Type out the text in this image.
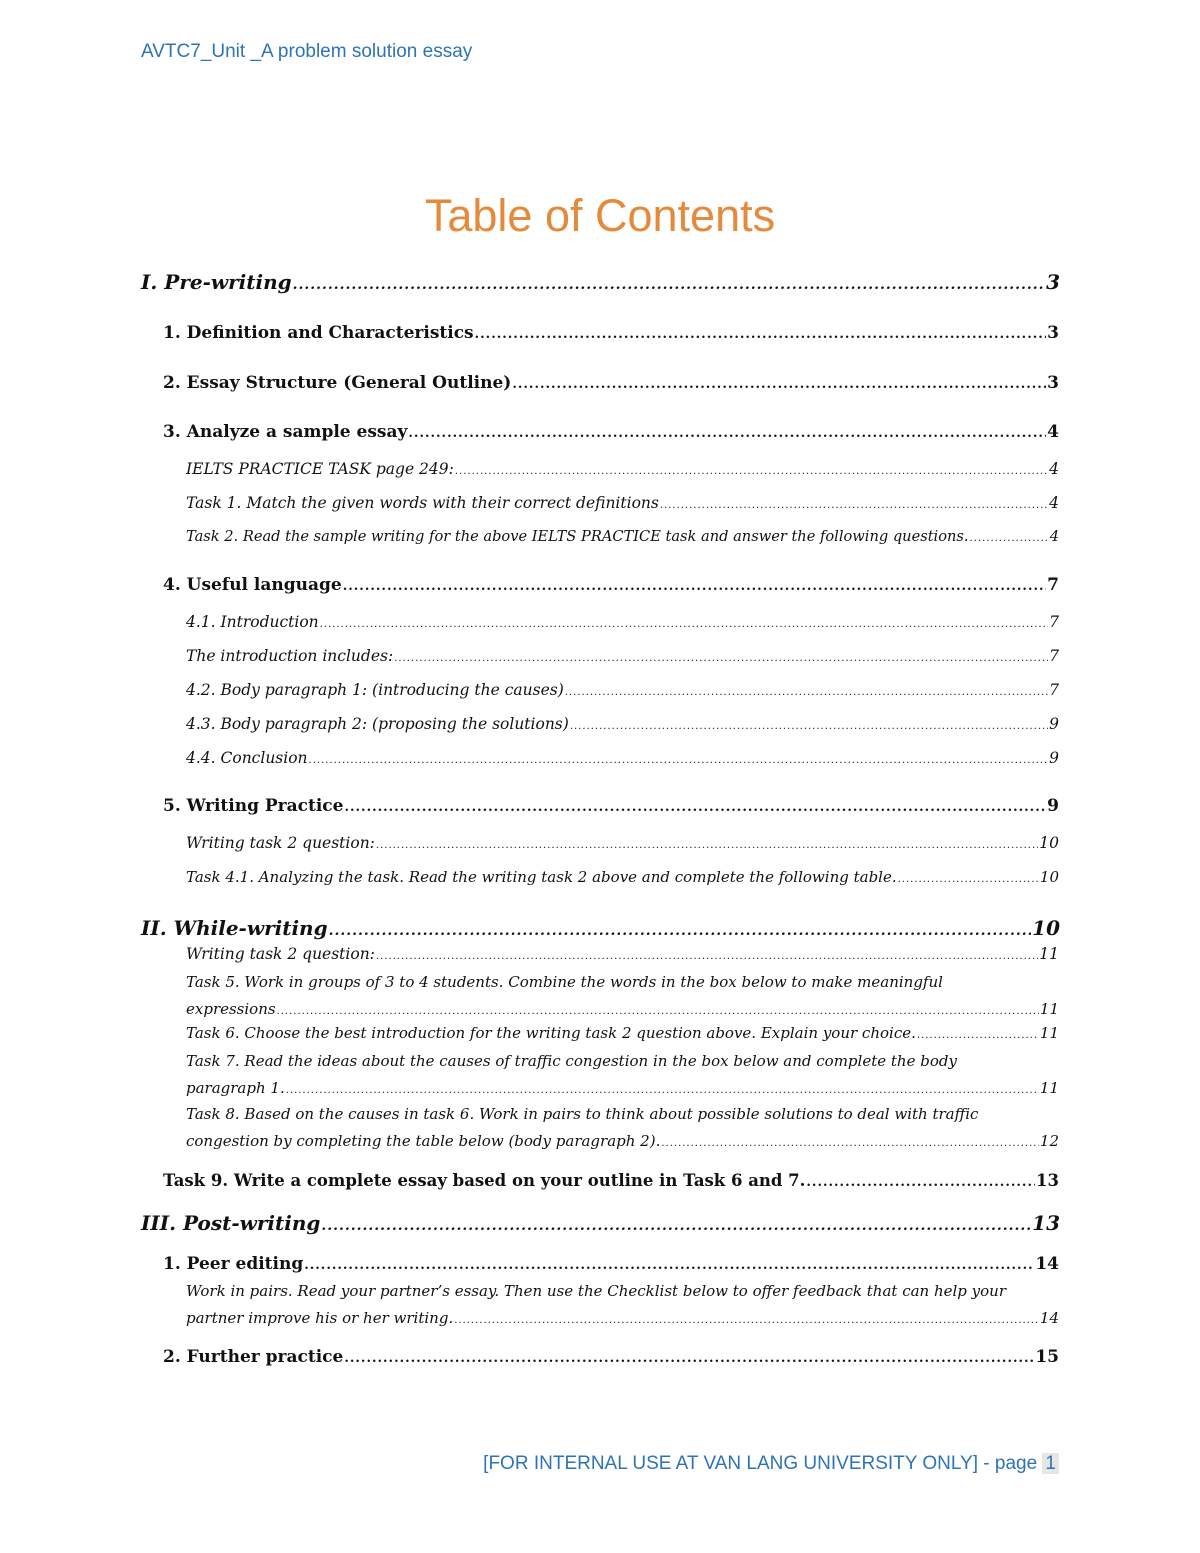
AVTC7_Unit _A problem solution essay
Table of Contents
I. Pre-writing .....	3
1. Definition and Characteristics .....	3
2. Essay Structure (General Outline) .....	3
3. Analyze a sample essay .....	4
IELTS PRACTICE TASK page 249: .....	4
Task 1. Match the given words with their correct definitions .....	4
Task 2. Read the sample writing for the above IELTS PRACTICE task and answer the following questions. .....	4
4. Useful language .....	7
4.1. Introduction .....	7
The introduction includes: .....	7
4.2. Body paragraph 1: (introducing the causes) .....	7
4.3. Body paragraph 2: (proposing the solutions) .....	9
4.4. Conclusion .....	9
5. Writing Practice .....	9
Writing task 2 question: .....	10
Task 4.1. Analyzing the task. Read the writing task 2 above and complete the following table. .....	10
II. While-writing .....	10
Writing task 2 question: .....	11
Task 5. Work in groups of 3 to 4 students. Combine the words in the box below to make meaningful
expressions .....	11
Task 6. Choose the best introduction for the writing task 2 question above. Explain your choice. .....	11
Task 7. Read the ideas about the causes of traffic congestion in the box below and complete the body
paragraph 1. .....	11
Task 8. Based on the causes in task 6. Work in pairs to think about possible solutions to deal with traffic
congestion by completing the table below (body paragraph 2). .....	12
Task 9. Write a complete essay based on your outline in Task 6 and 7. .....	13
III. Post-writing .....	13
1. Peer editing .....	14
Work in pairs. Read your partner’s essay. Then use the Checklist below to offer feedback that can help your
partner improve his or her writing. .....	14
2. Further practice .....	15
[FOR INTERNAL USE AT VAN LANG UNIVERSITY ONLY] - page 1
